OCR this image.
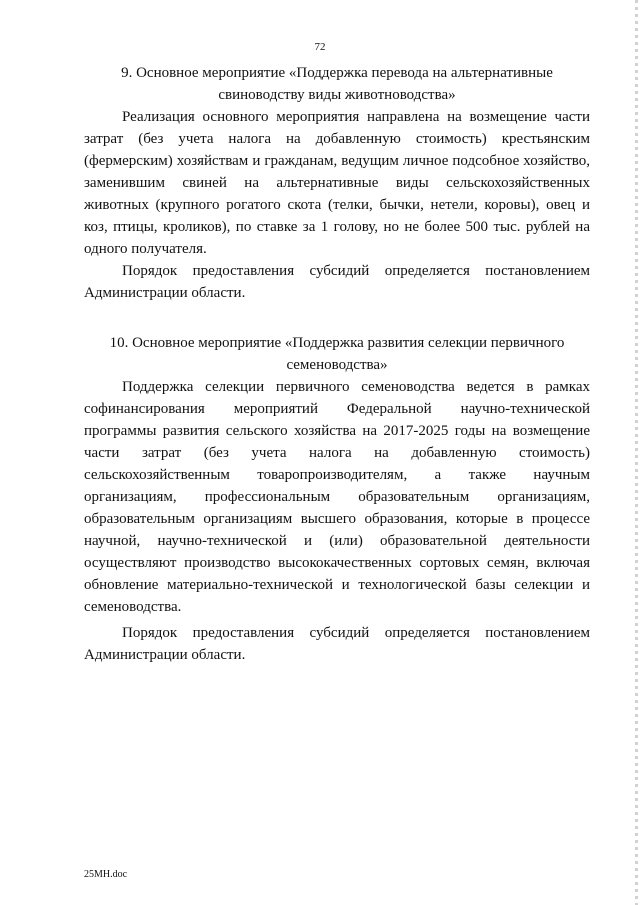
72

9. Основное мероприятие «Поддержка перевода на альтернативные

свиноводству виды животноводства»

Реализация основного мероприятия направлена на возмещение части затрат (без учета налога на добавленную стоимость) крестьянским (фермерским) хозяйствам и гражданам, ведущим личное подсобное хозяйство, заменившим свиней на альтернативные виды сельскохозяйственных животных (крупного рогатого скота (телки, бычки, нетели, коровы), овец и коз, птицы, кроликов), по ставке за 1 голову, но не более 500 тыс. рублей на одного получателя.

Порядок предоставления субсидий определяется постановлением Администрации области.

10. Основное мероприятие «Поддержка развития селекции первичного

семеноводства»

Поддержка селекции первичного семеноводства ведется в рамках софинансирования мероприятий Федеральной научно-технической программы развития сельского хозяйства на 2017-2025 годы на возмещение части затрат (без учета налога на добавленную стоимость) сельскохозяйственным товаропроизводителям, а также научным организациям, профессиональным образовательным организациям, образовательным организациям высшего образования, которые в процессе научной, научно-технической и (или) образовательной деятельности осуществляют производство высококачественных сортовых семян, включая обновление материально-технической и технологической базы селекции и семеноводства.

Порядок предоставления субсидий определяется постановлением Администрации области.

25МН.doc
